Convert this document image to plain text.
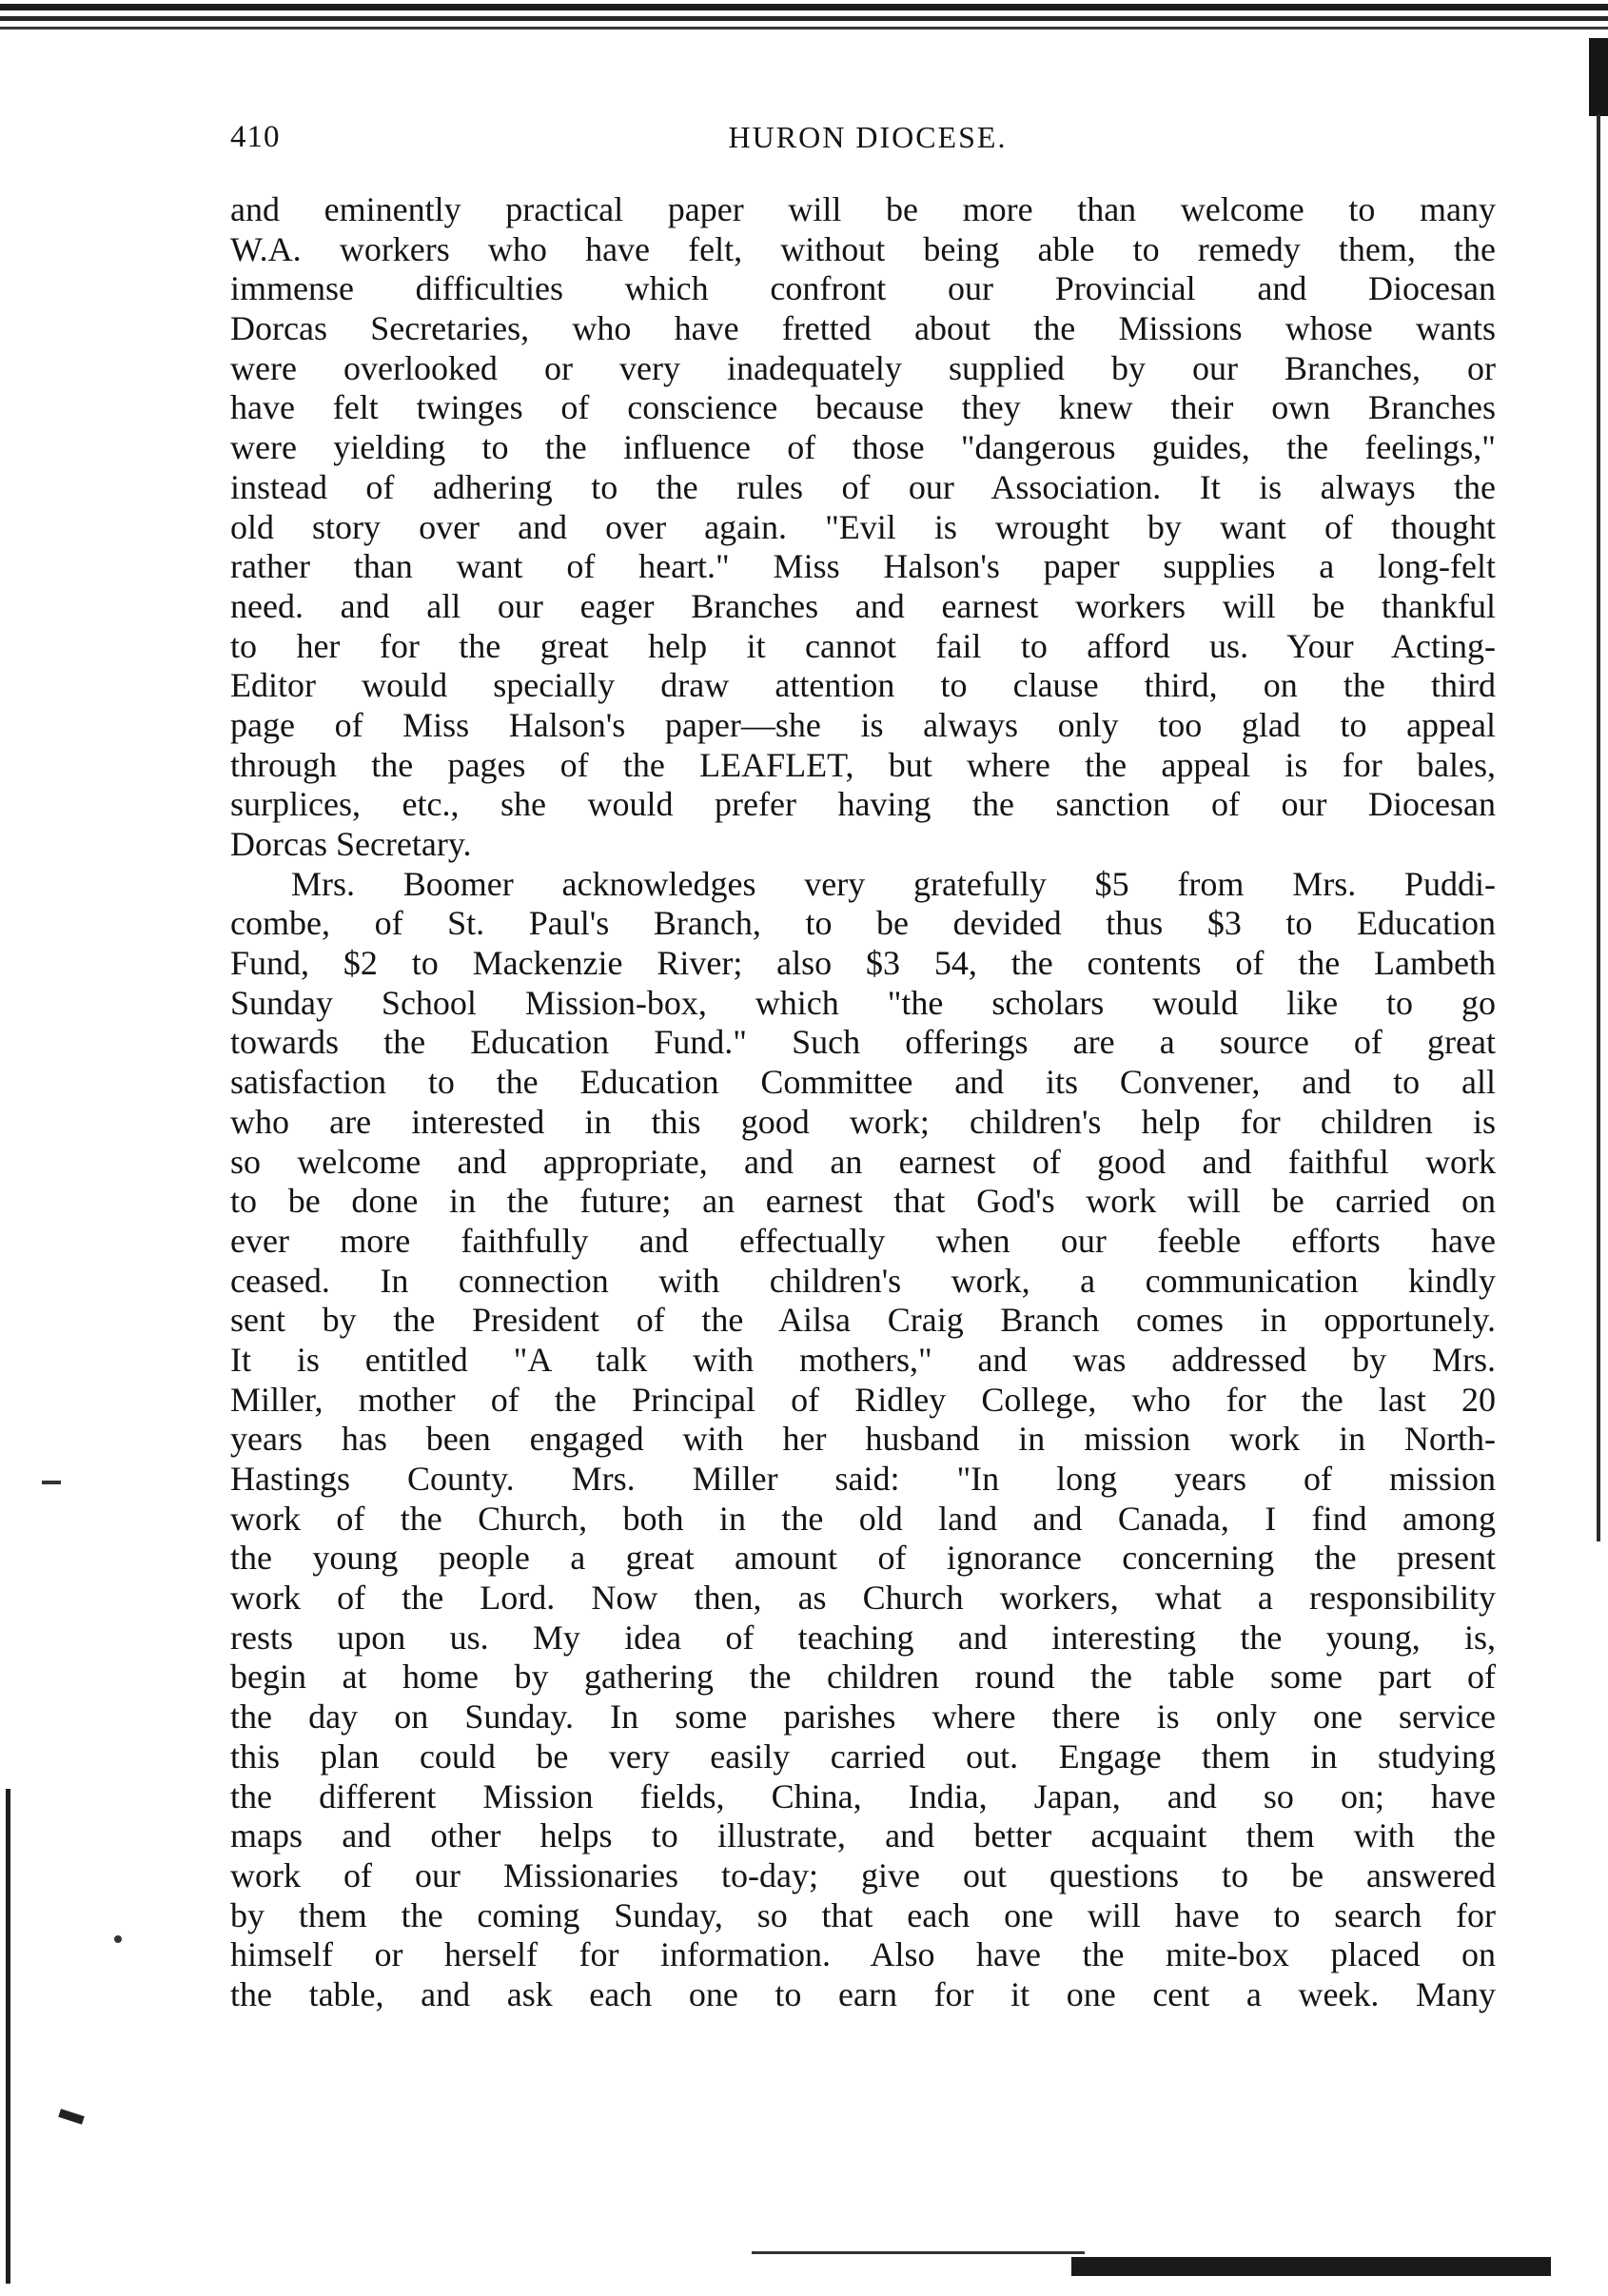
410	HURON DIOCESE.
and eminently practical paper will be more than welcome to many
W.A. workers who have felt, without being able to remedy them, the
immense difficulties which confront our Provincial and Diocesan
Dorcas Secretaries, who have fretted about the Missions whose wants
were overlooked or very inadequately supplied by our Branches, or
have felt twinges of conscience because they knew their own Branches
were yielding to the influence of those "dangerous guides, the feelings,"
instead of adhering to the rules of our Association. It is always the
old story over and over again. "Evil is wrought by want of thought
rather than want of heart." Miss Halson's paper supplies a long-felt
need. and all our eager Branches and earnest workers will be thankful
to her for the great help it cannot fail to afford us. Your Acting-
Editor would specially draw attention to clause third, on the third
page of Miss Halson's paper—she is always only too glad to appeal
through the pages of the LEAFLET, but where the appeal is for bales,
surplices, etc., she would prefer having the sanction of our Diocesan
Dorcas Secretary.
Mrs. Boomer acknowledges very gratefully $5 from Mrs. Puddi-
combe, of St. Paul's Branch, to be devided thus $3 to Education
Fund, $2 to Mackenzie River; also $3 54, the contents of the Lambeth
Sunday School Mission-box, which "the scholars would like to go
towards the Education Fund." Such offerings are a source of great
satisfaction to the Education Committee and its Convener, and to all
who are interested in this good work; children's help for children is
so welcome and appropriate, and an earnest of good and faithful work
to be done in the future; an earnest that God's work will be carried on
ever more faithfully and effectually when our feeble efforts have
ceased. In connection with children's work, a communication kindly
sent by the President of the Ailsa Craig Branch comes in opportunely.
It is entitled "A talk with mothers," and was addressed by Mrs.
Miller, mother of the Principal of Ridley College, who for the last 20
years has been engaged with her husband in mission work in North-
Hastings County. Mrs. Miller said: "In long years of mission
work of the Church, both in the old land and Canada, I find among
the young people a great amount of ignorance concerning the present
work of the Lord. Now then, as Church workers, what a responsibility
rests upon us. My idea of teaching and interesting the young, is,
begin at home by gathering the children round the table some part of
the day on Sunday. In some parishes where there is only one service
this plan could be very easily carried out. Engage them in studying
the different Mission fields, China, India, Japan, and so on; have
maps and other helps to illustrate, and better acquaint them with the
work of our Missionaries to-day; give out questions to be answered
by them the coming Sunday, so that each one will have to search for
himself or herself for information. Also have the mite-box placed on
the table, and ask each one to earn for it one cent a week. Many
